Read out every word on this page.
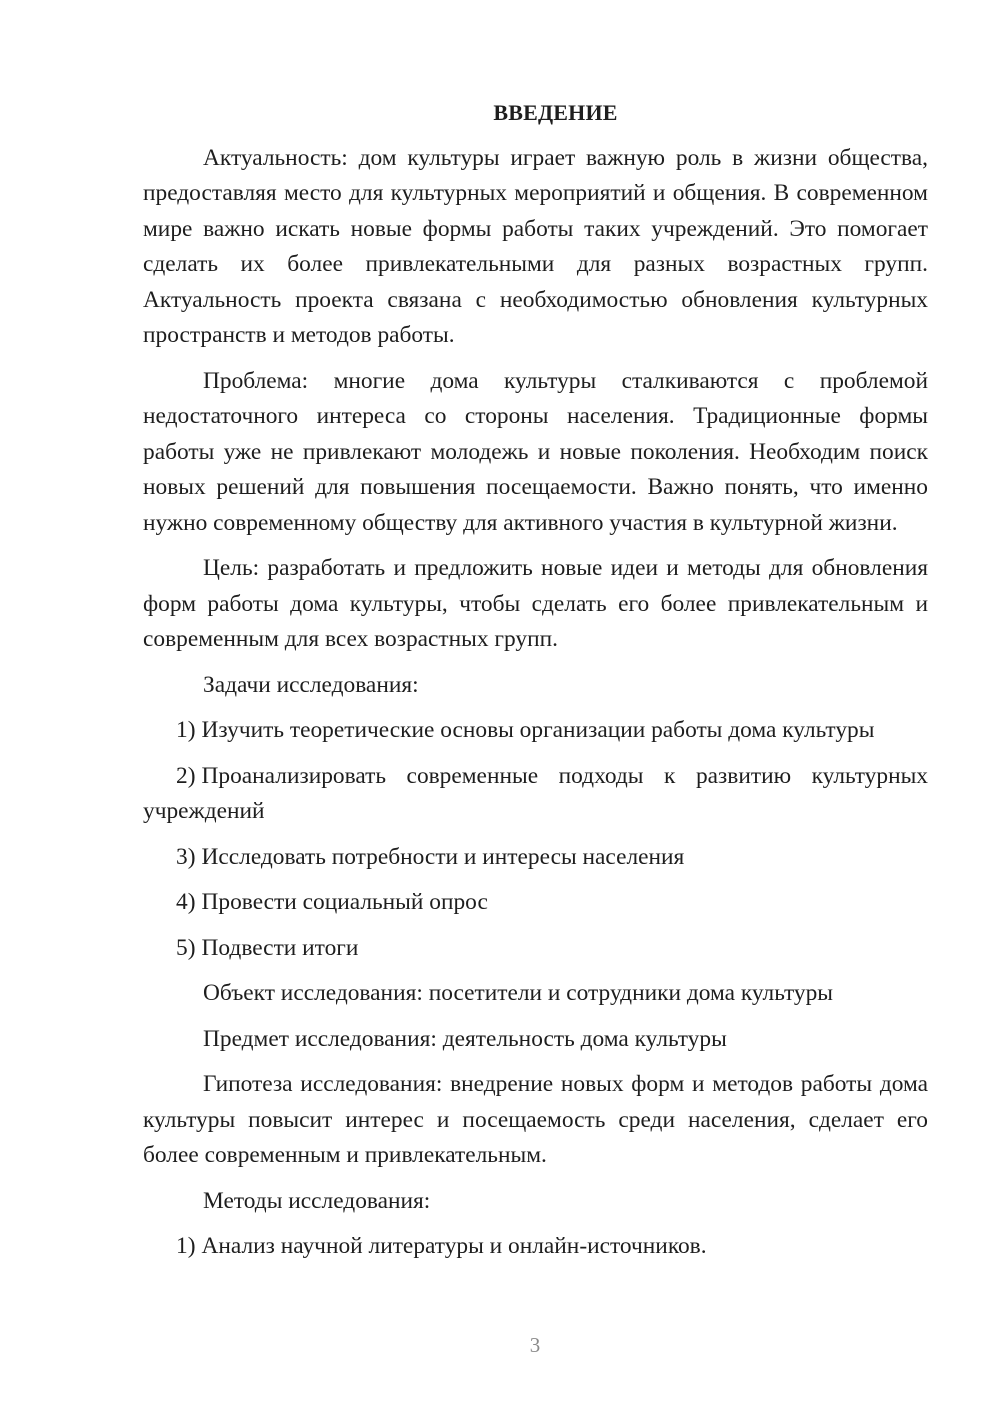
ВВЕДЕНИЕ

Актуальность: дом культуры играет важную роль в жизни общества, предоставляя место для культурных мероприятий и общения. В современном мире важно искать новые формы работы таких учреждений. Это помогает сделать их более привлекательными для разных возрастных групп. Актуальность проекта связана с необходимостью обновления культурных пространств и методов работы.

Проблема: многие дома культуры сталкиваются с проблемой недостаточного интереса со стороны населения. Традиционные формы работы уже не привлекают молодежь и новые поколения. Необходим поиск новых решений для повышения посещаемости. Важно понять, что именно нужно современному обществу для активного участия в культурной жизни.

Цель: разработать и предложить новые идеи и методы для обновления форм работы дома культуры, чтобы сделать его более привлекательным и современным для всех возрастных групп.

Задачи исследования:

1) Изучить теоретические основы организации работы дома культуры

2) Проанализировать современные подходы к развитию культурных учреждений

3) Исследовать потребности и интересы населения

4) Провести социальный опрос

5) Подвести итоги

Объект исследования: посетители и сотрудники дома культуры

Предмет исследования: деятельность дома культуры

Гипотеза исследования: внедрение новых форм и методов работы дома культуры повысит интерес и посещаемость среди населения, сделает его более современным и привлекательным.

Методы исследования:

1) Анализ научной литературы и онлайн-источников.

3
